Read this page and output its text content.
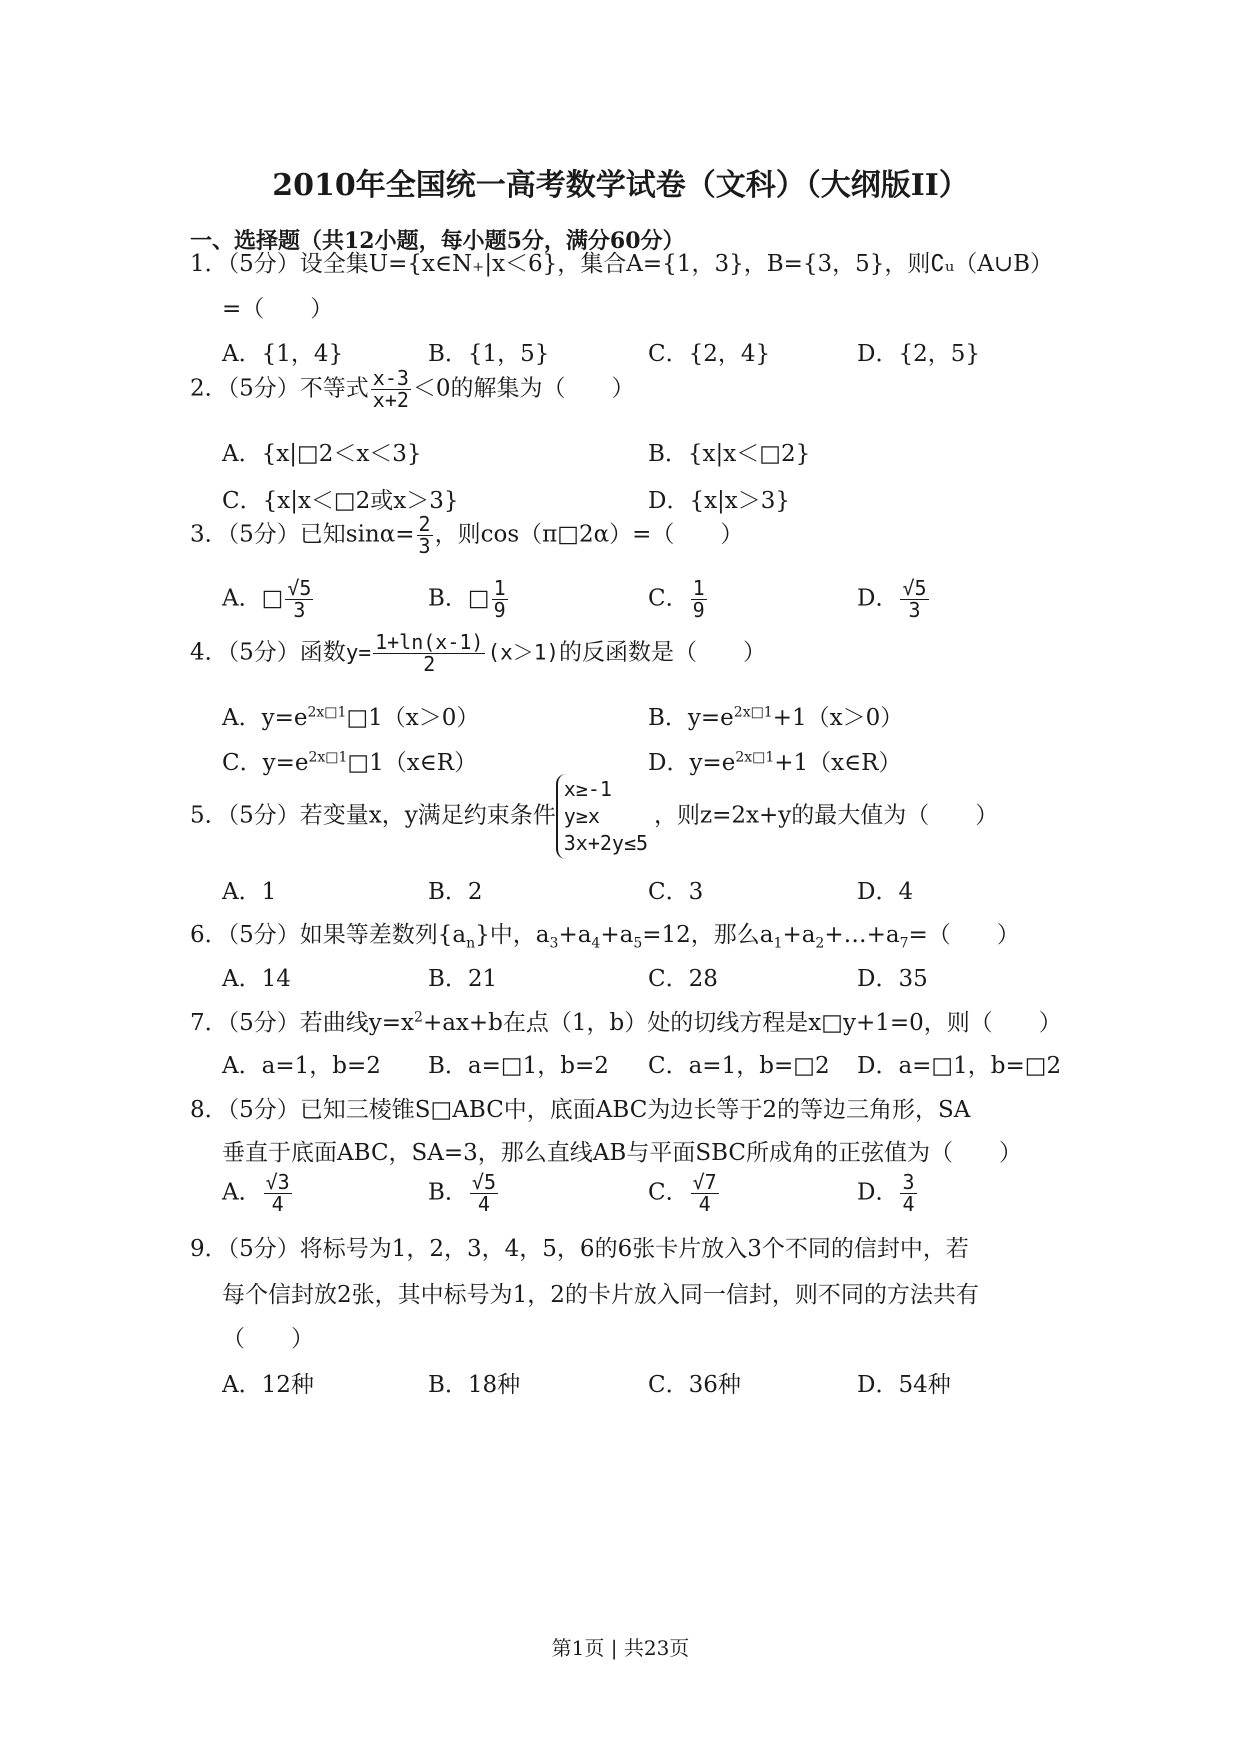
2010年全国统一高考数学试卷（文科）（大纲版II）
一、选择题（共12小题，每小题5分，满分60分）
1．（5分）设全集U={x∈N₊|x＜6}，集合A={1，3}，B={3，5}，则∁ᵤ（A∪B）
=（　　）
A．{1，4}	B．{1，5}	C．{2，4}	D．{2，5}
2．（5分）不等式 $\frac{x-3}{x+2} <0$的解集为（　　）
A．{x|□2＜x＜3}	B．{x|x＜□2}
C．{x|x＜□2或x＞3}	D．{x|x＞3}
3．（5分）已知$\sin\alpha= \frac{2}{3}$ ，则cos（π□2α）=（　　）
A．□ $\frac{√5}{3}$	B．□ $\frac{1}{9}$	C． $\frac{1}{9}$	D． $\frac{√5}{3}$
4．（5分）函数$y= \frac{1+\ln(x-1)}{2} (x>1)$的反函数是（　　）
A．$y=e^{2x□1}□1(x>0)$	B．$y=e^{2x□1}+1(x>0)$
C．$y=e^{2x□1}□1(x\in R)$	D．$y=e^{2x□1}+1(x\in R)$
5．（5分）若变量x，y满足约束条件
x≥-1
y≥x
3x+2y≤5
，则z=2x+y的最大值为（　　）
A．1	B．2	C．3	D．4
6．（5分）如果等差数列$\{a_n\}$中，$a_3+a_4+a_5=12$，那么$a_1+a_2+\dots+a_7=$（　　）
A．14	B．21	C．28	D．35
7．（5分）若曲线$y=x^2+ax+b$在点（1，b）处的切线方程是x□y+1=0，则（　　）
A．a=1，b=2 B．a=□1，b=2 C．a=1，b=□2 D．a=□1，b=□2
8．（5分）已知三棱锥S□ABC中，底面ABC为边长等于2的等边三角形，SA
垂直于底面ABC，SA=3，那么直线AB与平面SBC所成角的正弦值为（　　）
A． $\frac{√3}{4}$	B． $\frac{√5}{4}$	C． $\frac{√7}{4}$	D． $\frac{3}{4}$
9．（5分）将标号为1，2，3，4，5，6的6张卡片放入3个不同的信封中，若
每个信封放2张，其中标号为1，2的卡片放入同一信封，则不同的方法共有
（　　）
A．12种	B．18种	C．36种	D．54种
第1页 | 共23页
